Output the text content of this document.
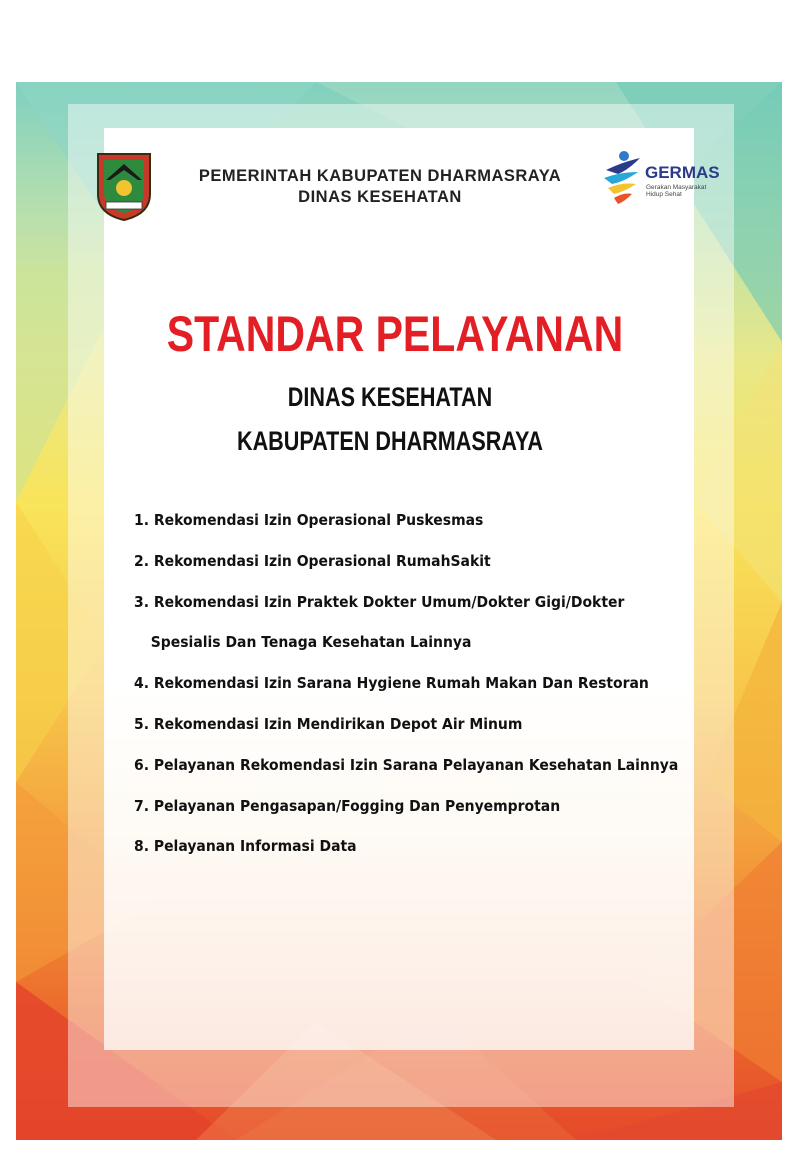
GERMAS
Gerakan Masyarakat Hidup Sehat
PEMERINTAH KABUPATEN DHARMASRAYA
DINAS KESEHATAN
STANDAR PELAYANAN
DINAS KESEHATAN
KABUPATEN DHARMASRAYA
1. Rekomendasi Izin Operasional Puskesmas
2. Rekomendasi Izin Operasional RumahSakit
3. Rekomendasi Izin Praktek Dokter Umum/Dokter Gigi/Dokter
Spesialis Dan Tenaga Kesehatan Lainnya
4. Rekomendasi Izin Sarana Hygiene Rumah Makan Dan Restoran
5. Rekomendasi Izin Mendirikan Depot Air Minum
6. Pelayanan Rekomendasi Izin Sarana Pelayanan Kesehatan Lainnya
7. Pelayanan Pengasapan/Fogging Dan Penyemprotan
8. Pelayanan Informasi Data
